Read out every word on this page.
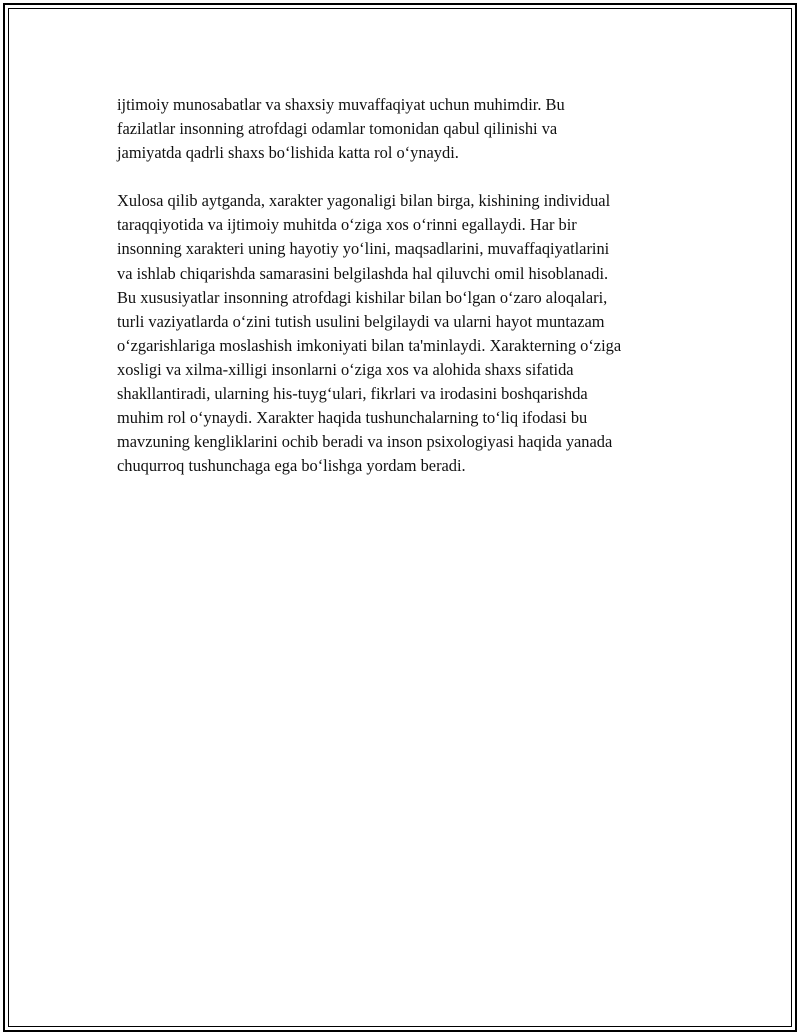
ijtimoiy munosabatlar va shaxsiy muvaffaqiyat uchun muhimdir. Bu
fazilatlar insonning atrofdagi odamlar tomonidan qabul qilinishi va
jamiyatda qadrli shaxs bo‘lishida katta rol o‘ynaydi.

Xulosa qilib aytganda, xarakter yagonaligi bilan birga, kishining individual
taraqqiyotida va ijtimoiy muhitda o‘ziga xos o‘rinni egallaydi. Har bir
insonning xarakteri uning hayotiy yo‘lini, maqsadlarini, muvaffaqiyatlarini
va ishlab chiqarishda samarasini belgilashda hal qiluvchi omil hisoblanadi.
Bu xususiyatlar insonning atrofdagi kishilar bilan bo‘lgan o‘zaro aloqalari,
turli vaziyatlarda o‘zini tutish usulini belgilaydi va ularni hayot muntazam
o‘zgarishlariga moslashish imkoniyati bilan ta'minlaydi. Xarakterning o‘ziga
xosligi va xilma-xilligi insonlarni o‘ziga xos va alohida shaxs sifatida
shakllantiradi, ularning his-tuyg‘ulari, fikrlari va irodasini boshqarishda
muhim rol o‘ynaydi. Xarakter haqida tushunchalarning to‘liq ifodasi bu
mavzuning kengliklarini ochib beradi va inson psixologiyasi haqida yanada
chuqurroq tushunchaga ega bo‘lishga yordam beradi.
